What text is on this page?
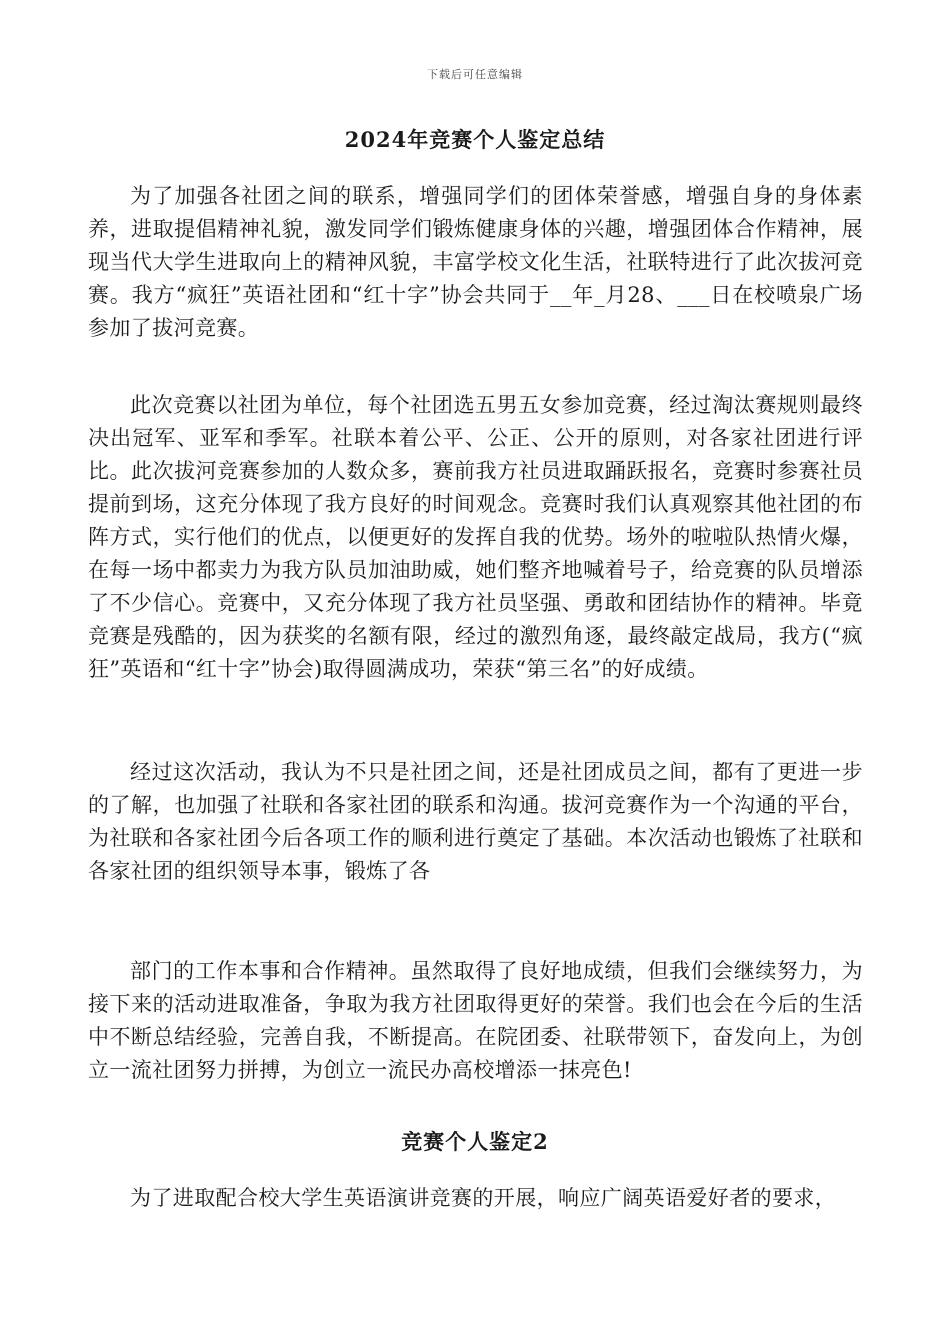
下载后可任意编辑
2024年竞赛个人鉴定总结

为了加强各社团之间的联系，增强同学们的团体荣誉感，增强自身的身体素养，进取提倡精神礼貌，激发同学们锻炼健康身体的兴趣，增强团体合作精神，展现当代大学生进取向上的精神风貌，丰富学校文化生活，社联特进行了此次拔河竞赛。我方“疯狂”英语社团和“红十字”协会共同于__年_月28、___日在校喷泉广场参加了拔河竞赛。

此次竞赛以社团为单位，每个社团选五男五女参加竞赛，经过淘汰赛规则最终决出冠军、亚军和季军。社联本着公平、公正、公开的原则，对各家社团进行评比。此次拔河竞赛参加的人数众多，赛前我方社员进取踊跃报名，竞赛时参赛社员提前到场，这充分体现了我方良好的时间观念。竞赛时我们认真观察其他社团的布阵方式，实行他们的优点，以便更好的发挥自我的优势。场外的啦啦队热情火爆，在每一场中都卖力为我方队员加油助威，她们整齐地喊着号子，给竞赛的队员增添了不少信心。竞赛中，又充分体现了我方社员坚强、勇敢和团结协作的精神。毕竟竞赛是残酷的，因为获奖的名额有限，经过的激烈角逐，最终敲定战局，我方(“疯狂”英语和“红十字”协会)取得圆满成功，荣获“第三名”的好成绩。

经过这次活动，我认为不只是社团之间，还是社团成员之间，都有了更进一步的了解，也加强了社联和各家社团的联系和沟通。拔河竞赛作为一个沟通的平台，为社联和各家社团今后各项工作的顺利进行奠定了基础。本次活动也锻炼了社联和各家社团的组织领导本事，锻炼了各

部门的工作本事和合作精神。虽然取得了良好地成绩，但我们会继续努力，为接下来的活动进取准备，争取为我方社团取得更好的荣誉。我们也会在今后的生活中不断总结经验，完善自我，不断提高。在院团委、社联带领下，奋发向上，为创立一流社团努力拼搏，为创立一流民办高校增添一抹亮色!

竞赛个人鉴定2

为了进取配合校大学生英语演讲竞赛的开展，响应广阔英语爱好者的要求，
